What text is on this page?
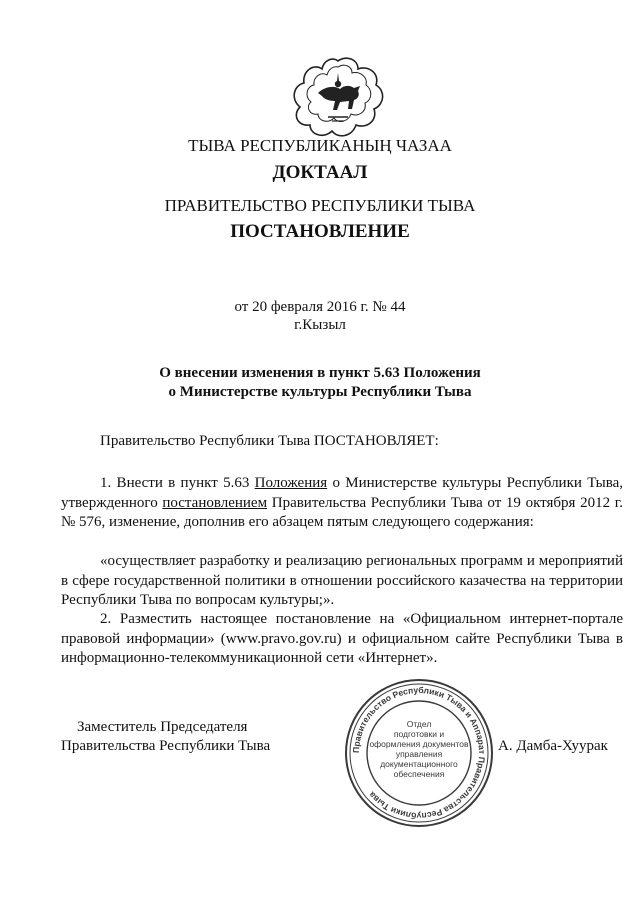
ТЫВА РЕСПУБЛИКАНЫҢ ЧАЗАА
ДОКТААЛ
ПРАВИТЕЛЬСТВО РЕСПУБЛИКИ ТЫВА
ПОСТАНОВЛЕНИЕ
от 20 февраля 2016 г. № 44
г.Кызыл
О внесении изменения в пункт 5.63 Положения
о Министерстве культуры Республики Тыва

Правительство Республики Тыва ПОСТАНОВЛЯЕТ:

1. Внести в пункт 5.63 Положения о Министерстве культуры Республики Тыва, утвержденного постановлением Правительства Республики Тыва от 19 октября 2012 г. № 576, изменение, дополнив его абзацем пятым следующего содержания:

«осуществляет разработку и реализацию региональных программ и мероприятий в сфере государственной политики в отношении российского казачества на территории Республики Тыва по вопросам культуры;».

2. Разместить настоящее постановление на «Официальном интернет-портале правовой информации» (www.pravo.gov.ru) и официальном сайте Республики Тыва в информационно-телекоммуникационной сети «Интернет».

Заместитель Председателя
Правительства Республики Тыва	А. Дамба-Хуурак
Правительство Республики Тыва и Аппарат Правительства Республики Тыва
Отдел
подготовки и
оформления документов
управления
документационного
обеспечения
